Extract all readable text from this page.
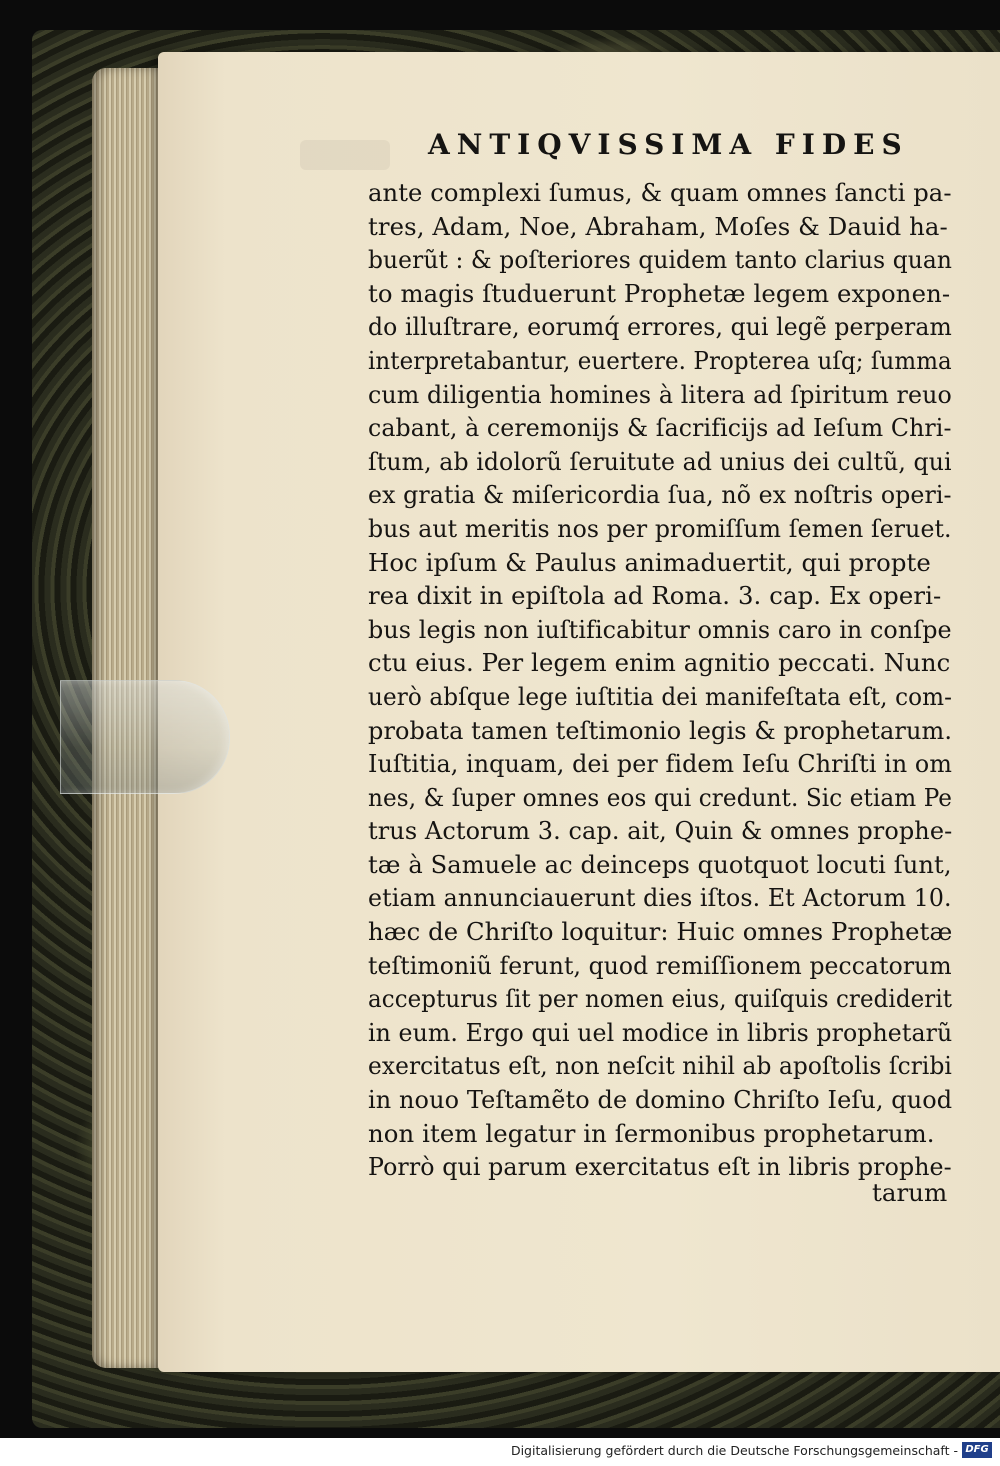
ANTIQVISSIMA FIDES
ante complexi ſumus, & quam omnes ſancti pa-
tres, Adam, Noe, Abraham, Moſes & Dauid ha-
buerũt : & poſteriores quidem tanto clarius quan
to magis ſtuduerunt Prophetæ legem exponen-
do illuſtrare, eorumq́ errores, qui legẽ perperam
interpretabantur, euertere. Propterea uſq; ſumma
cum diligentia homines à litera ad ſpiritum reuo
cabant, à ceremonijs & ſacrificijs ad Ieſum Chri-
ſtum, ab idolorũ ſeruitute ad unius dei cultũ, qui
ex gratia & miſericordia ſua, nõ ex noſtris operi-
bus aut meritis nos per promiſſum ſemen ſeruet.
Hoc ipſum & Paulus animaduertit, qui propte
rea dixit in epiſtola ad Roma. 3. cap. Ex operi-
bus legis non iuſtificabitur omnis caro in conſpe
ctu eius. Per legem enim agnitio peccati. Nunc
uerò abſque lege iuſtitia dei manifeſtata eſt, com-
probata tamen teſtimonio legis & prophetarum.
Iuſtitia, inquam, dei per fidem Ieſu Chriſti in om
nes, & ſuper omnes eos qui credunt. Sic etiam Pe
trus Actorum 3. cap. ait, Quin & omnes prophe-
tæ à Samuele ac deinceps quotquot locuti ſunt,
etiam annunciauerunt dies iſtos. Et Actorum 10.
hæc de Chriſto loquitur: Huic omnes Prophetæ
teſtimoniũ ferunt, quod remiſſionem peccatorum
accepturus ſit per nomen eius, quiſquis crediderit
in eum. Ergo qui uel modice in libris prophetarũ
exercitatus eſt, non neſcit nihil ab apoſtolis ſcribi
in nouo Teſtamẽto de domino Chriſto Ieſu, quod
non item legatur in ſermonibus prophetarum.
Porrò qui parum exercitatus eſt in libris prophe-
tarum
Digitalisierung gefördert durch die Deutsche Forschungsgemeinschaft - DFG
